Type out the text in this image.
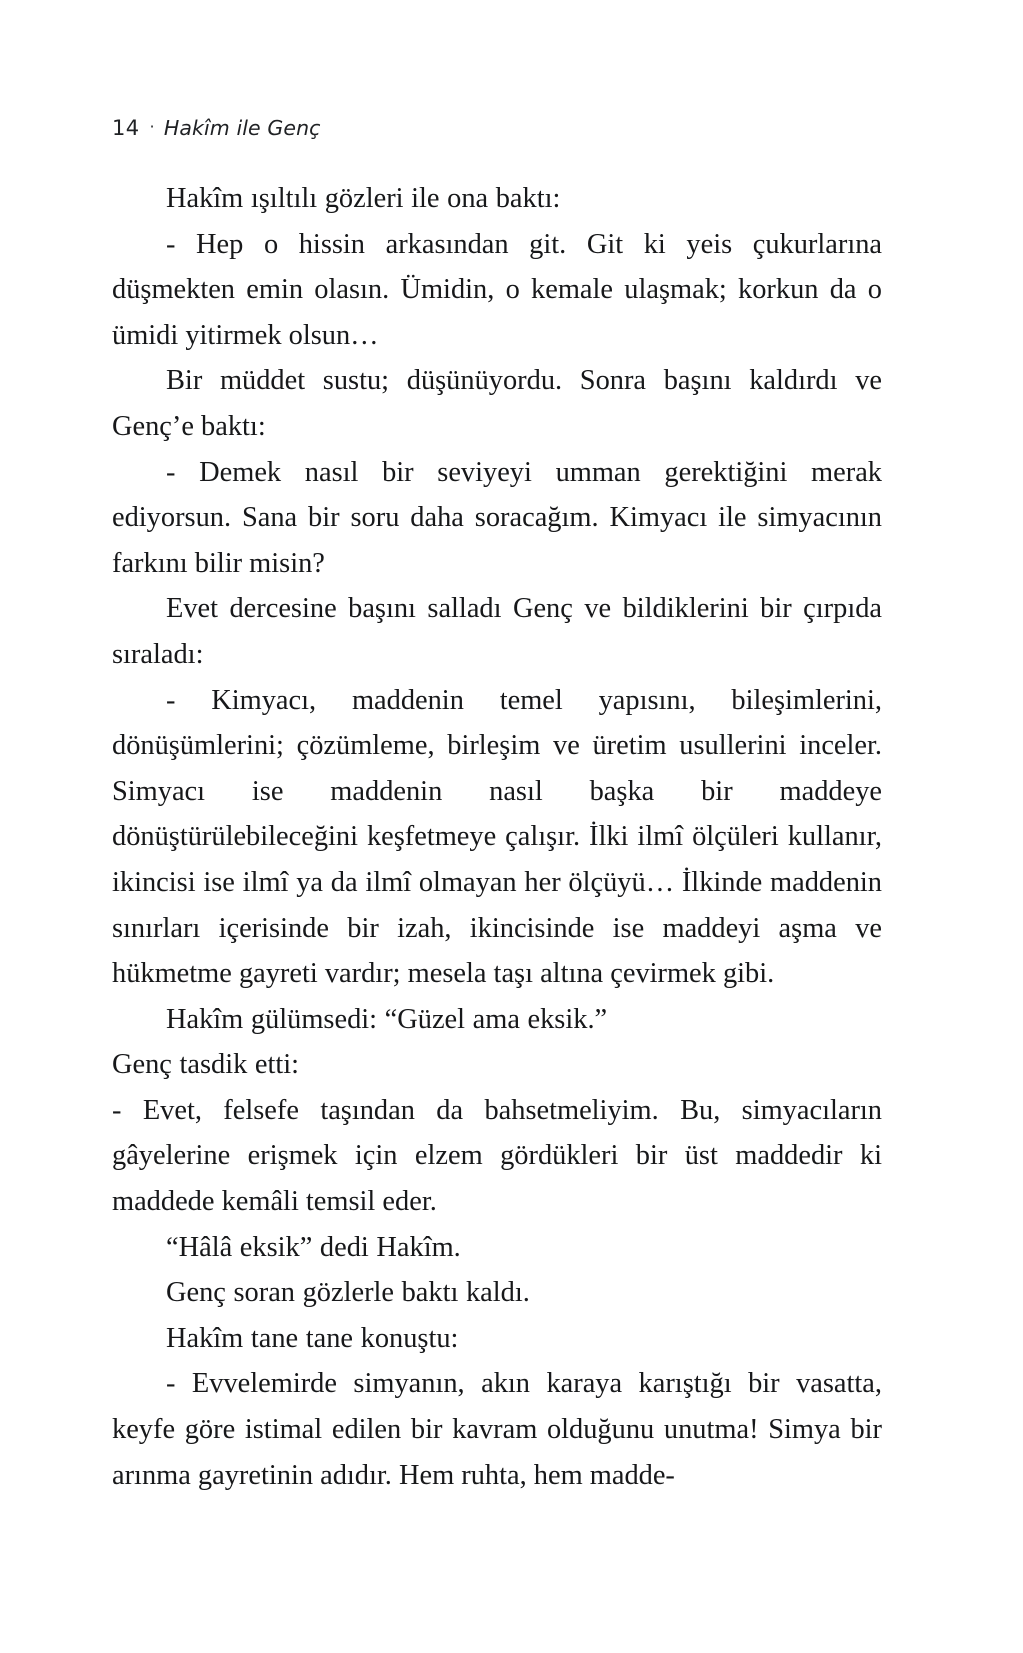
14 · Hakîm ile Genç

Hakîm ışıltılı gözleri ile ona baktı:

- Hep o hissin arkasından git. Git ki yeis çukurlarına düşmekten emin olasın. Ümidin, o kemale ulaşmak; korkun da o ümidi yitirmek olsun…

Bir müddet sustu; düşünüyordu. Sonra başını kaldırdı ve Genç’e baktı:

- Demek nasıl bir seviyeyi umman gerektiğini merak ediyorsun. Sana bir soru daha soracağım. Kimyacı ile simyacının farkını bilir misin?

Evet dercesine başını salladı Genç ve bildiklerini bir çırpıda sıraladı:

- Kimyacı, maddenin temel yapısını, bileşimlerini, dönüşümlerini; çözümleme, birleşim ve üretim usullerini inceler. Simyacı ise maddenin nasıl başka bir maddeye dönüştürülebileceğini keşfetmeye çalışır. İlki ilmî ölçüleri kullanır, ikincisi ise ilmî ya da ilmî olmayan her ölçüyü… İlkinde maddenin sınırları içerisinde bir izah, ikincisinde ise maddeyi aşma ve hükmetme gayreti vardır; mesela taşı altına çevirmek gibi.

Hakîm gülümsedi: “Güzel ama eksik.”

Genç tasdik etti:

- Evet, felsefe taşından da bahsetmeliyim. Bu, simyacıların gâyelerine erişmek için elzem gördükleri bir üst maddedir ki maddede kemâli temsil eder.

“Hâlâ eksik” dedi Hakîm.

Genç soran gözlerle baktı kaldı.

Hakîm tane tane konuştu:

- Evvelemirde simyanın, akın karaya karıştığı bir vasatta, keyfe göre istimal edilen bir kavram olduğunu unutma! Simya bir arınma gayretinin adıdır. Hem ruhta, hem madde-
